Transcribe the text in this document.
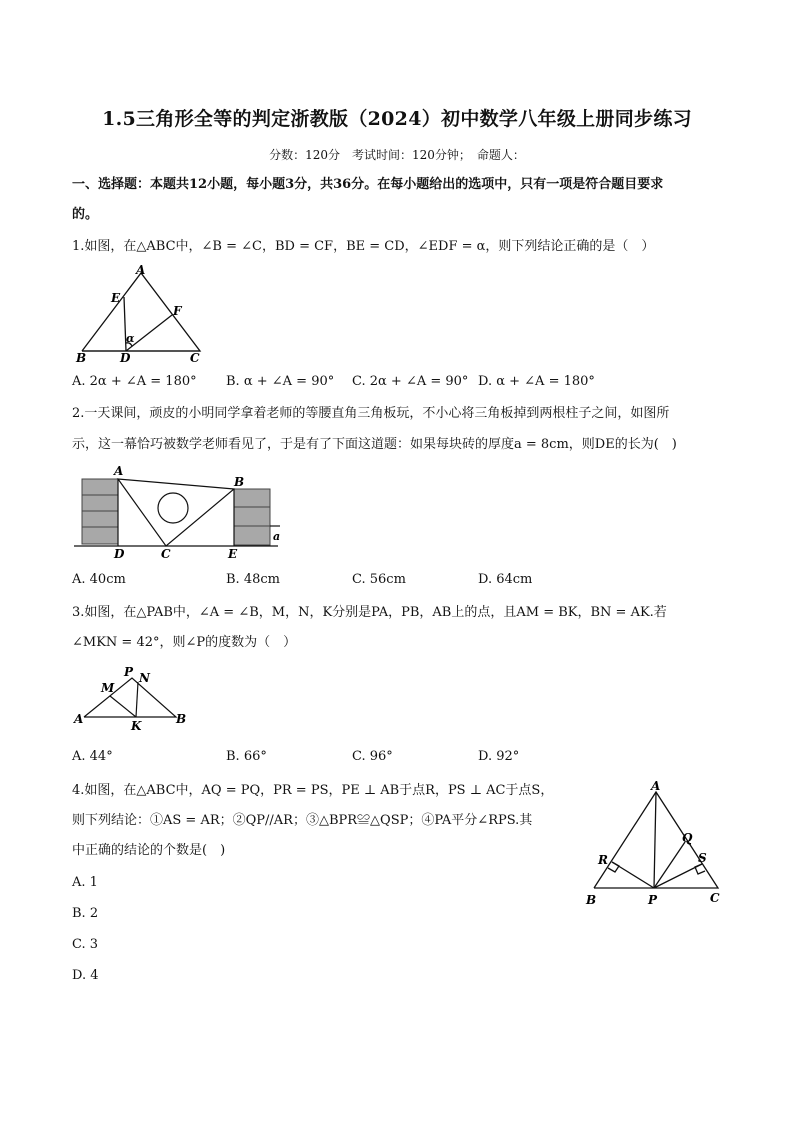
1.5三角形全等的判定浙教版（2024）初中数学八年级上册同步练习
分数：120分　考试时间：120分钟；　命题人：
一、选择题：本题共12小题，每小题3分，共36分。在每小题给出的选项中，只有一项是符合题目要求
的。
1.如图，在△ABC中，∠B = ∠C，BD = CF，BE = CD，∠EDF = α，则下列结论正确的是（　）
A
E
F
α
B	D	C
A. 2α + ∠A = 180° B. α + ∠A = 90° C. 2α + ∠A = 90° D. α + ∠A = 180°
2.一天课间，顽皮的小明同学拿着老师的等腰直角三角板玩，不小心将三角板掉到两根柱子之间，如图所
示，这一幕恰巧被数学老师看见了，于是有了下面这道题：如果每块砖的厚度a = 8cm，则DE的长为(　)
A
B
D	C	E
a
A. 40cm	B. 48cm	C. 56cm	D. 64cm
3.如图，在△PAB中，∠A = ∠B，M，N，K分别是PA，PB，AB上的点，且AM = BK，BN = AK.若
∠MKN = 42°，则∠P的度数为（　）
P N
M
A	K	B
A. 44°	B. 66°	C. 96°	D. 92°
4.如图，在△ABC中，AQ = PQ，PR = PS，PE ⊥ AB于点R，PS ⊥ AC于点S，
则下列结论：①AS = AR；②QP//AR；③△BPR≌△QSP；④PA平分∠RPS.其
中正确的结论的个数是(　)
A. 1
B. 2
C. 3
D. 4
A
Q
R	S
B	P	C
